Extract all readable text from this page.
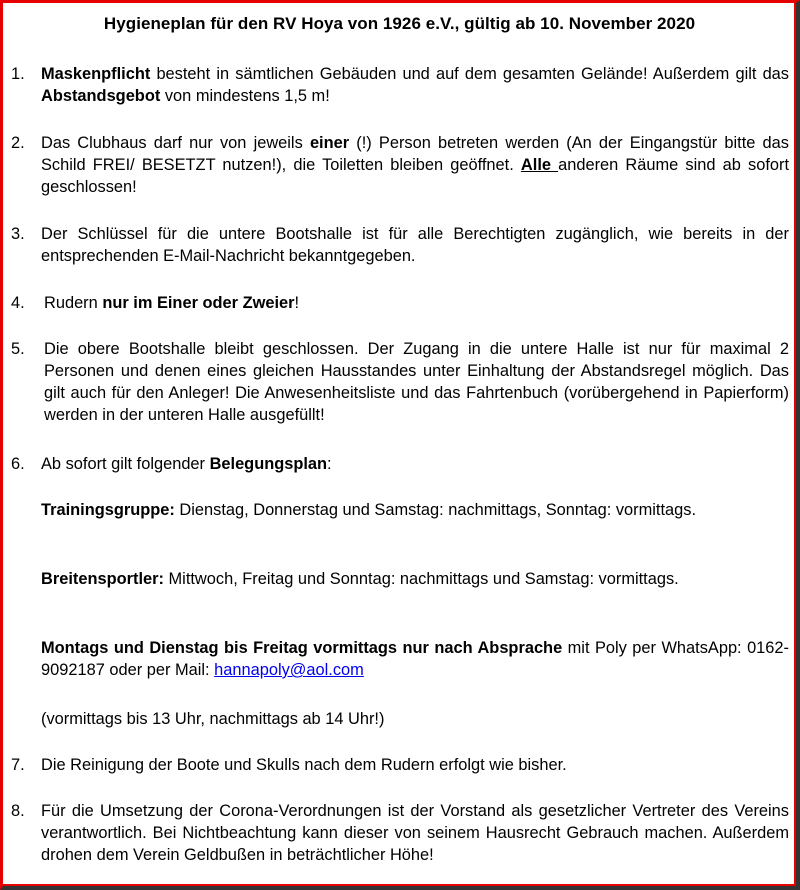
Hygieneplan für den RV Hoya von 1926 e.V., gültig ab 10. November 2020
1. Maskenpflicht besteht in sämtlichen Gebäuden und auf dem gesamten Gelände! Außerdem gilt das Abstandsgebot von mindestens 1,5 m!

2. Das Clubhaus darf nur von jeweils einer (!) Person betreten werden (An der Eingangstür bitte das Schild FREI/ BESETZT nutzen!), die Toiletten bleiben geöffnet. Alle anderen Räume sind ab sofort geschlossen!

3. Der Schlüssel für die untere Bootshalle ist für alle Berechtigten zugänglich, wie bereits in der entsprechenden E-Mail-Nachricht bekanntgegeben.

4.	Rudern nur im Einer oder Zweier!

5.	Die obere Bootshalle bleibt geschlossen. Der Zugang in die untere Halle ist nur für maximal 2 Personen und denen eines gleichen Hausstandes unter Einhaltung der Abstandsregel möglich. Das gilt auch für den Anleger! Die Anwesenheitsliste und das Fahrtenbuch (vorübergehend in Papierform) werden in der unteren Halle ausgefüllt!

6. Ab sofort gilt folgender Belegungsplan:

Trainingsgruppe: Dienstag, Donnerstag und Samstag: nachmittags, Sonntag: vormittags.

Breitensportler: Mittwoch, Freitag und Sonntag: nachmittags und Samstag: vormittags.

Montags und Dienstag bis Freitag vormittags nur nach Absprache mit Poly per WhatsApp: 0162-9092187 oder per Mail: hannapoly@aol.com

(vormittags bis 13 Uhr, nachmittags ab 14 Uhr!)

7. Die Reinigung der Boote und Skulls nach dem Rudern erfolgt wie bisher.

8. Für die Umsetzung der Corona-Verordnungen ist der Vorstand als gesetzlicher Vertreter des Vereins verantwortlich. Bei Nichtbeachtung kann dieser von seinem Hausrecht Gebrauch machen. Außerdem drohen dem Verein Geldbußen in beträchtlicher Höhe!
